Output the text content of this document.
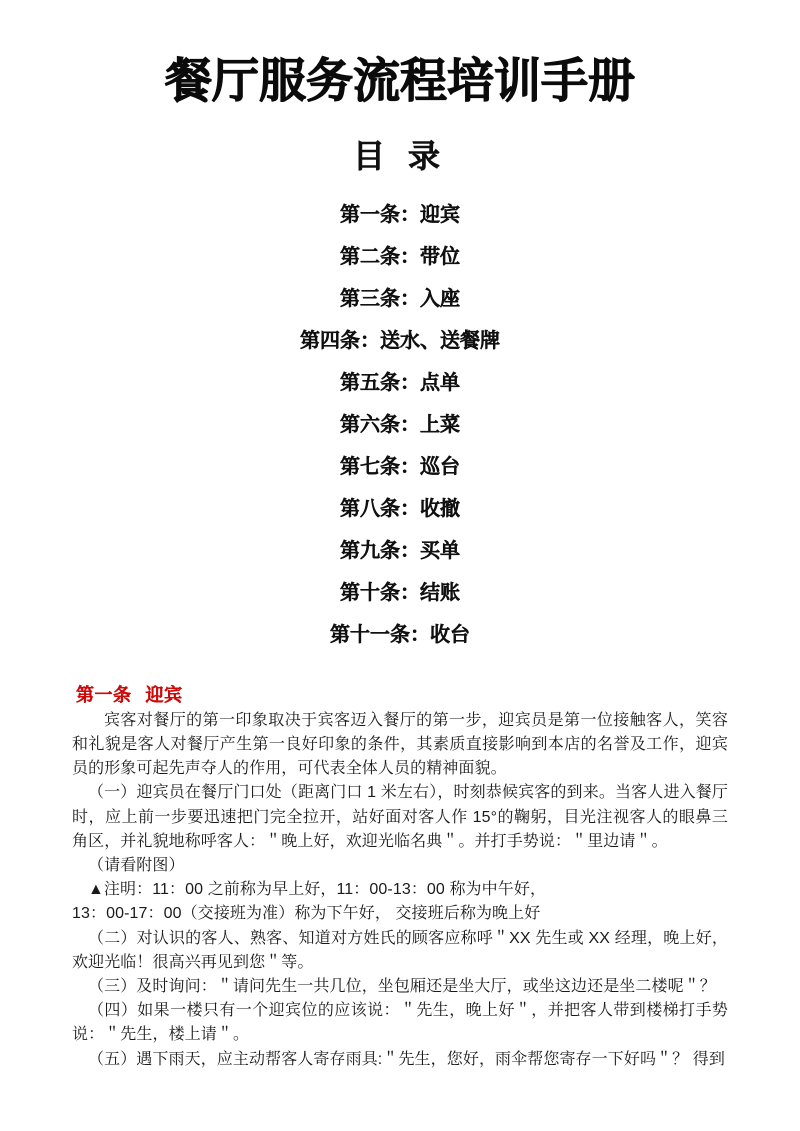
餐厅服务流程培训手册
目 录
第一条：迎宾
第二条：带位
第三条：入座
第四条：送水、送餐牌
第五条：点单
第六条：上菜
第七条：巡台
第八条：收撤
第九条：买单
第十条：结账
第十一条：收台
第一条 迎宾

宾客对餐厅的第一印象取决于宾客迈入餐厅的第一步，迎宾员是第一位接触客人，笑容和礼貌是客人对餐厅产生第一良好印象的条件，其素质直接影响到本店的名誉及工作，迎宾员的形象可起先声夺人的作用，可代表全体人员的精神面貌。

（一）迎宾员在餐厅门口处（距离门口 1 米左右），时刻恭候宾客的到来。当客人进入餐厅时，应上前一步要迅速把门完全拉开，站好面对客人作 15°的鞠躬，目光注视客人的眼鼻三角区，并礼貌地称呼客人：＂晚上好，欢迎光临名典＂。并打手势说：＂里边请＂。

（请看附图）

▲注明：11：00 之前称为早上好，11：00-13：00 称为中午好，

13：00-17：00（交接班为准）称为下午好， 交接班后称为晚上好

（二）对认识的客人、熟客、知道对方姓氏的顾客应称呼＂XX 先生或 XX 经理，晚上好，欢迎光临！很高兴再见到您＂等。

（三）及时询问：＂请问先生一共几位，坐包厢还是坐大厅，或坐这边还是坐二楼呢＂？

（四）如果一楼只有一个迎宾位的应该说：＂先生，晚上好＂，并把客人带到楼梯打手势说：＂先生，楼上请＂。

（五）遇下雨天，应主动帮客人寄存雨具:＂先生，您好，雨伞帮您寄存一下好吗＂？ 得到
